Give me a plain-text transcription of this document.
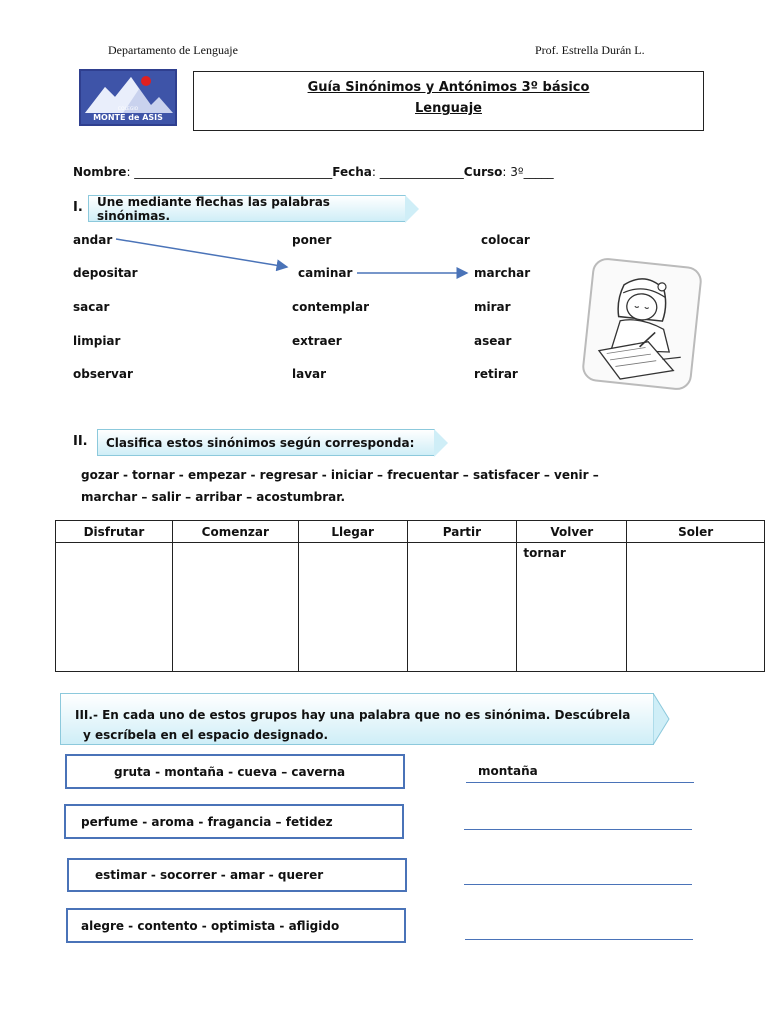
Departamento de Lenguaje	Prof. Estrella Durán L.
COLEGIO
MONTE de ASIS
Guía Sinónimos y Antónimos 3º básico
Lenguaje
Nombre: _________________________________Fecha: ______________Curso: 3º_____
I.	Une mediante flechas las palabras sinónimas.
andar
depositar
sacar
limpiar
observar
poner
caminar
contemplar
extraer
lavar
colocar
marchar
mirar
asear
retirar
II.	Clasifica estos sinónimos según corresponda:
gozar - tornar - empezar - regresar - iniciar – frecuentar – satisfacer – venir –
marchar – salir – arribar – acostumbrar.
Disfrutar	Comenzar	Llegar	Partir	Volver	Soler
				tornar	
III.- En cada uno de estos grupos hay una palabra que no es sinónima. Descúbrela
y escríbela en el espacio designado.
gruta - montaña - cueva – caverna
perfume - aroma - fragancia – fetidez
estimar - socorrer - amar - querer
alegre - contento - optimista - afligido
montaña
